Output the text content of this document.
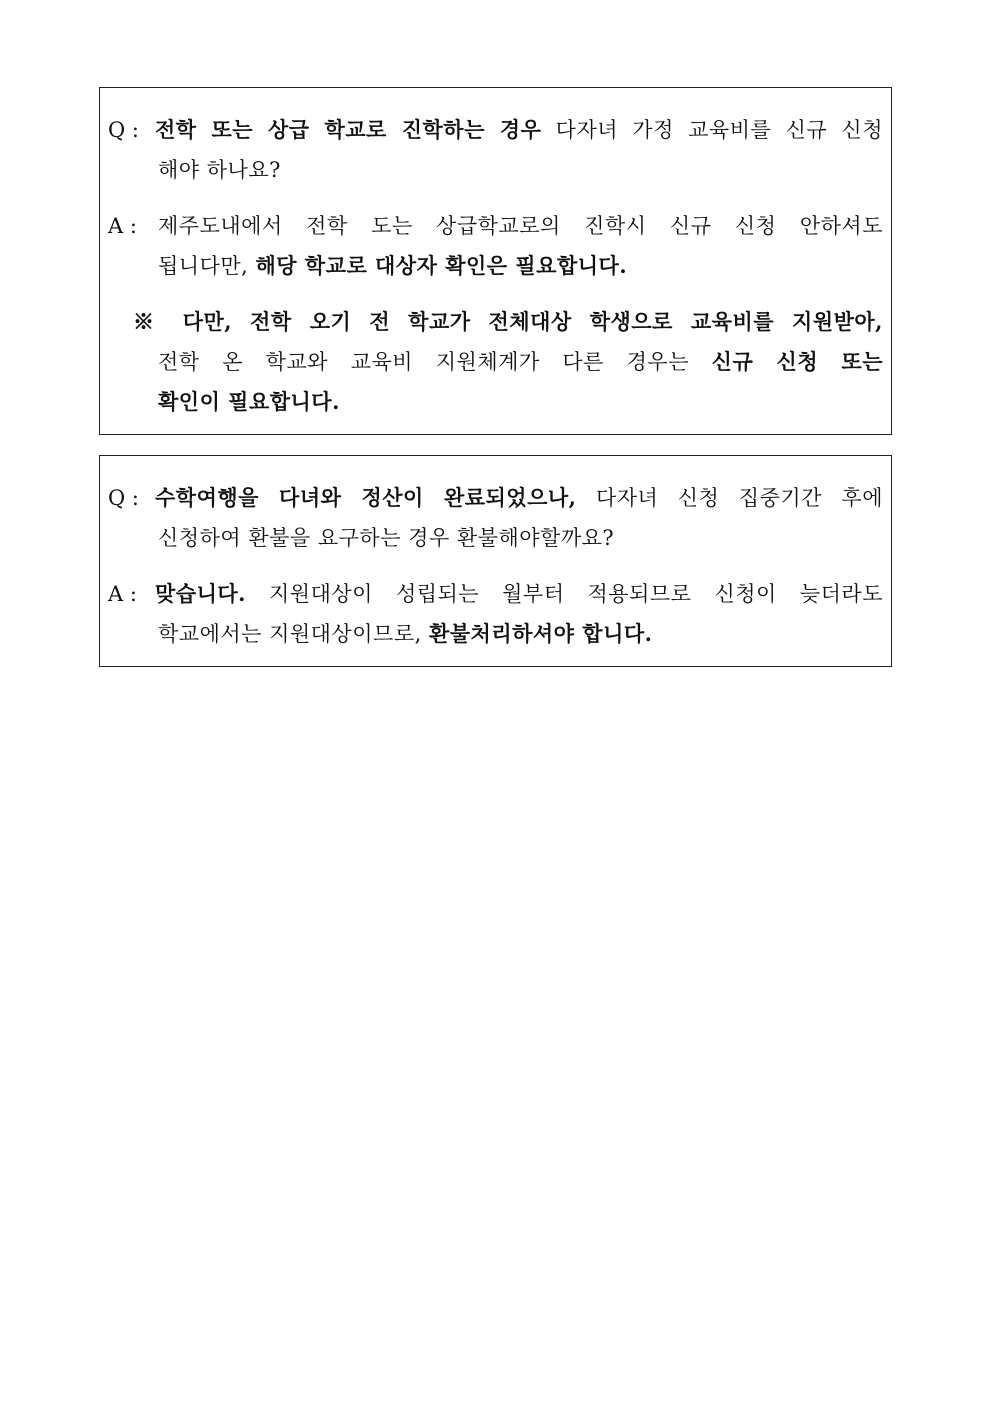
Q : 전학 또는 상급 학교로 진학하는 경우 다자녀 가정 교육비를 신규 신청
해야 하나요?
A : 제주도내에서 전학 도는 상급학교로의 진학시 신규 신청 안하셔도
됩니다만, 해당 학교로 대상자 확인은 필요합니다.
※ 다만, 전학 오기 전 학교가 전체대상 학생으로 교육비를 지원받아,
전학 온 학교와 교육비 지원체계가 다른 경우는 신규 신청 또는
확인이 필요합니다.
Q : 수학여행을 다녀와 정산이 완료되었으나, 다자녀 신청 집중기간 후에
신청하여 환불을 요구하는 경우 환불해야할까요?
A : 맞습니다. 지원대상이 성립되는 월부터 적용되므로 신청이 늦더라도
학교에서는 지원대상이므로, 환불처리하셔야 합니다.
